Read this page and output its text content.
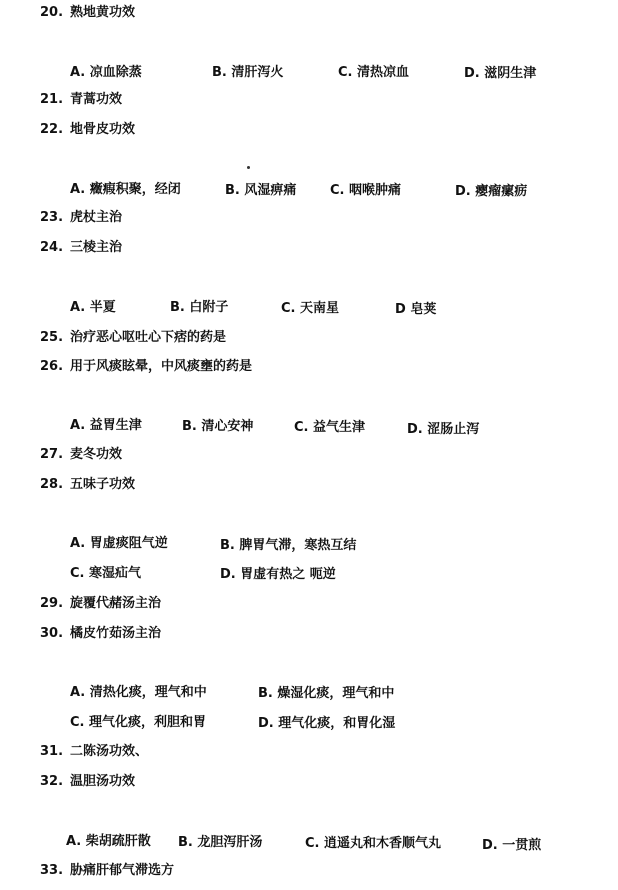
20. 熟地黄功效
A. 凉血除蒸	B. 清肝泻火	C. 清热凉血	D. 滋阴生津
21. 青蒿功效
22. 地骨皮功效
A. 癥瘕积聚，经闭	B. 风湿痹痛	C. 咽喉肿痛	D. 瘿瘤瘰疬
23. 虎杖主治
24. 三棱主治
A. 半夏	B. 白附子	C. 天南星	D 皂荚
25. 治疗恶心呕吐心下痞的药是
26. 用于风痰眩晕，中风痰壅的药是
A. 益胃生津	B. 清心安神	C. 益气生津	D. 涩肠止泻
27. 麦冬功效
28. 五味子功效
A. 胃虚痰阻气逆	B. 脾胃气滞，寒热互结
C. 寒湿疝气	D. 胃虚有热之 呃逆
29. 旋覆代赭汤主治
30. 橘皮竹茹汤主治
A. 清热化痰，理气和中	B. 燥湿化痰，理气和中
C. 理气化痰，利胆和胃	D. 理气化痰，和胃化湿
31. 二陈汤功效、
32. 温胆汤功效
A. 柴胡疏肝散 B. 龙胆泻肝汤	C. 逍遥丸和木香顺气丸	D. 一贯煎
33. 胁痛肝郁气滞选方
